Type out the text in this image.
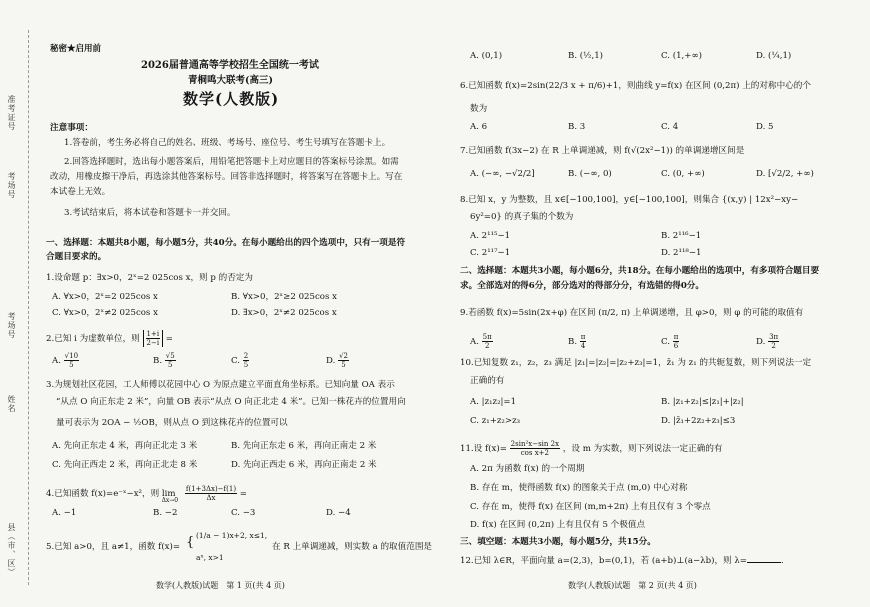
准考证号
考场号
考场号
姓名
县（市、区）
秘密★启用前
2026届普通高等学校招生全国统一考试
青桐鸣大联考(高三)
数学(人教版)
注意事项：
1.答卷前，考生务必将自己的姓名、班级、考场号、座位号、考生号填写在答题卡上。
2.回答选择题时，选出每小题答案后，用铅笔把答题卡上对应题目的答案标号涂黑。如需
改动，用橡皮擦干净后，再选涂其他答案标号。回答非选择题时，将答案写在答题卡上。写在
本试卷上无效。
3.考试结束后，将本试卷和答题卡一并交回。
一、选择题：本题共8小题，每小题5分，共40分。在每小题给出的四个选项中，只有一项是符
合题目要求的。
1.设命题 p：∃x>0，2ˣ=2 025cos x，则 p 的否定为
A. ∀x>0，2ˣ=2 025cos x	B. ∀x>0，2ˣ≥2 025cos x
C. ∀x>0，2ˣ≠2 025cos x	D. ∃x>0，2ˣ≠2 025cos x
2.已知 i 为虚数单位，则 $\frac{1+i}{2-i}$ =
A. $\frac{√10}{5}$	B. $\frac{√5}{5}$	C. $\frac{2}{5}$	D. $\frac{√2}{5}$
3.为规划社区花园，工人师傅以花园中心 O 为原点建立平面直角坐标系。已知向量 OA 表示
“从点 O 向正东走 2 米”，向量 OB 表示“从点 O 向正北走 4 米”。已知一株花卉的位置用向
量可表示为 2OA − ½OB，则从点 O 到这株花卉的位置可以
A. 先向正东走 4 米，再向正北走 3 米	B. 先向正东走 6 米，再向正南走 2 米
C. 先向正西走 2 米，再向正北走 8 米	D. 先向正西走 6 米，再向正南走 2 米
4.已知函数 f(x)=e⁻ˣ−x²，则 $\lim_{\Delta x\to 0} \frac{f(1+3\Delta x)-f(1)}{\Delta x}$ =
A. −1	B. −2	C. −3	D. −4
5.已知 a>0，且 a≠1，函数 f(x)= { (1/a − 1)x+2, x≤1,
aˣ, x>1
在 R 上单调递减，则实数 a 的取值范围是
数学(人教版)试题　第 1 页(共 4 页)
A. (0,1)	B. (½,1)	C. (1,+∞)	D. (¼,1)
6.已知函数 f(x)=2sin(22/3 x + π/6)+1，则曲线 y=f(x) 在区间 (0,2π) 上的对称中心的个
数为
A. 6	B. 3	C. 4	D. 5
7.已知函数 f(3x−2) 在 R 上单调递减，则 f(√(2x²−1)) 的单调递增区间是
A. (−∞, −√2/2]	B. (−∞, 0)	C. (0, +∞)	D. [√2/2, +∞)
8.已知 x，y 为整数，且 x∈[−100,100]，y∈[−100,100]，则集合 {(x,y) | 12x²−xy−
6y²=0} 的真子集的个数为
A. 2¹¹⁵−1	B. 2¹¹⁶−1
C. 2¹¹⁷−1	D. 2¹¹⁸−1
二、选择题：本题共3小题，每小题6分，共18分。在每小题给出的选项中，有多项符合题目要
求。全部选对的得6分，部分选对的得部分分，有选错的得0分。
9.若函数 f(x)=5sin(2x+φ) 在区间 (π/2, π) 上单调递增，且 φ>0，则 φ 的可能的取值有
A. $\frac{5\pi}{2}$	B. $\frac{\pi}{4}$	C. $\frac{\pi}{6}$	D. $\frac{3\pi}{2}$
10.已知复数 z₁，z₂，z₃ 满足 |z₁|=|z₂|=|z₂+z₃|=1，z̄₁ 为 z₁ 的共轭复数，则下列说法一定
正确的有
A. |z₁z₂|=1	B. |z₁+z₂|≤|z₁|+|z₂|
C. z₁+z₂>z₃	D. |z̄₁+2z₂+z₃|≤3
11.设 $f(x)= \frac{\text{2sin²x−sin 2x}}{\text{cos x+2}}$ ，设 m 为实数，则下列说法一定正确的有
A. 2π 为函数 f(x) 的一个周期
B. 存在 m，使得函数 f(x) 的图象关于点 (m,0) 中心对称
C. 存在 m，使得 f(x) 在区间 (m,m+2π) 上有且仅有 3 个零点
D. f(x) 在区间 (0,2π) 上有且仅有 5 个极值点
三、填空题：本题共3小题，每小题5分，共15分。
12.已知 λ∈R，平面向量 a=(2,3)，b=(0,1)，若 (a+b)⊥(a−λb)，则 λ=	.
数学(人教版)试题　第 2 页(共 4 页)
